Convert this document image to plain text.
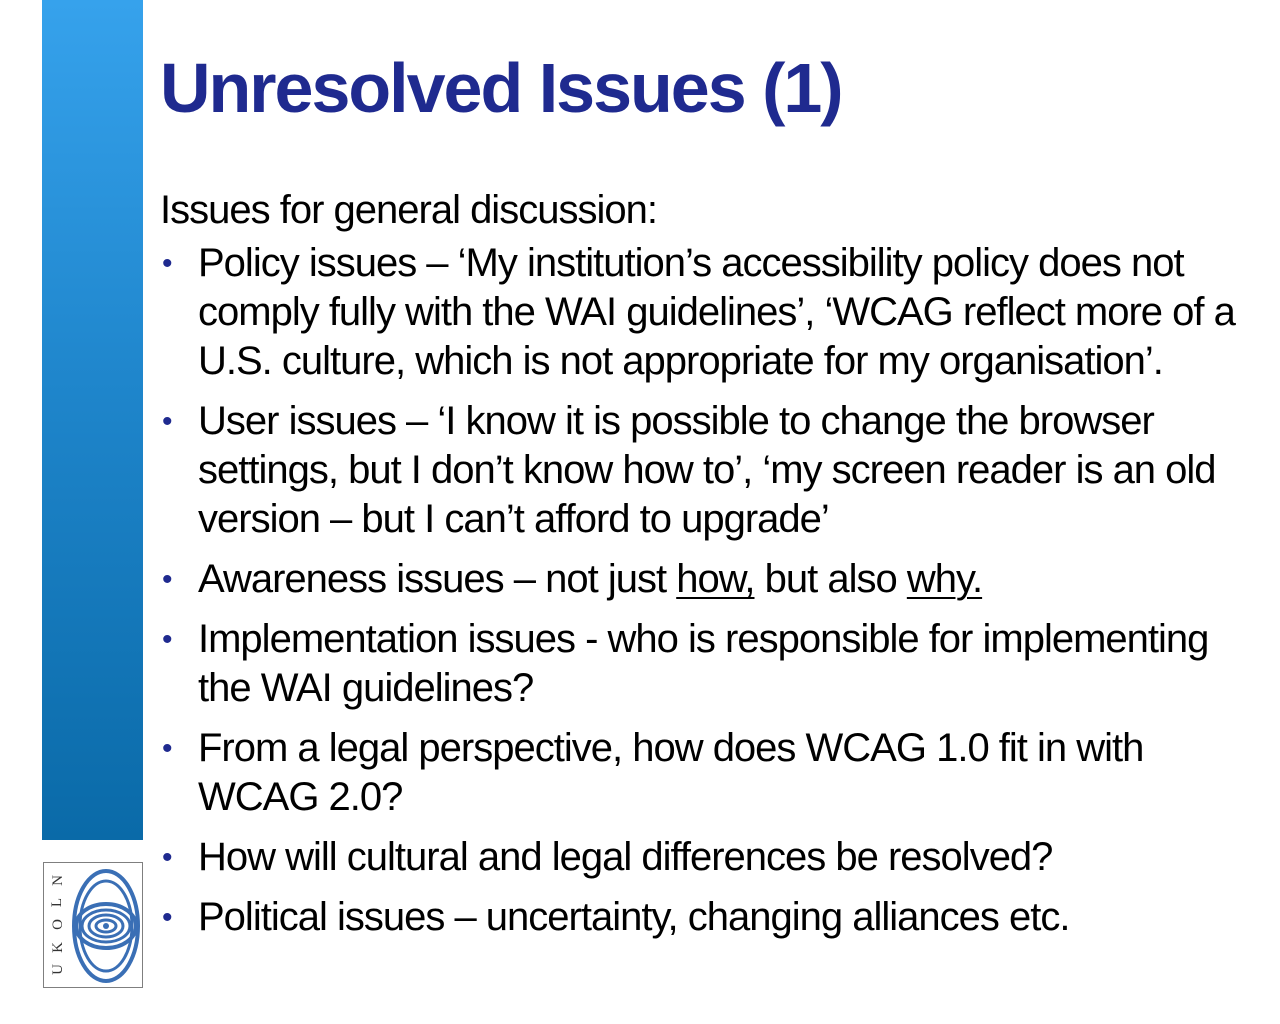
N
L
O
K
U
Unresolved Issues (1)

Issues for general discussion:

• Policy issues – ‘My institution’s accessibility policy does not comply fully with the WAI guidelines’, ‘WCAG reflect more of a U.S. culture, which is not appropriate for my organisation’.
• User issues – ‘I know it is possible to change the browser settings, but I don’t know how to’, ‘my screen reader is an old version – but I can’t afford to upgrade’
• Awareness issues – not just how, but also why.
• Implementation issues - who is responsible for implementing the WAI guidelines?
• From a legal perspective, how does WCAG 1.0 fit in with WCAG 2.0?
• How will cultural and legal differences be resolved?
• Political issues – uncertainty, changing alliances etc.
